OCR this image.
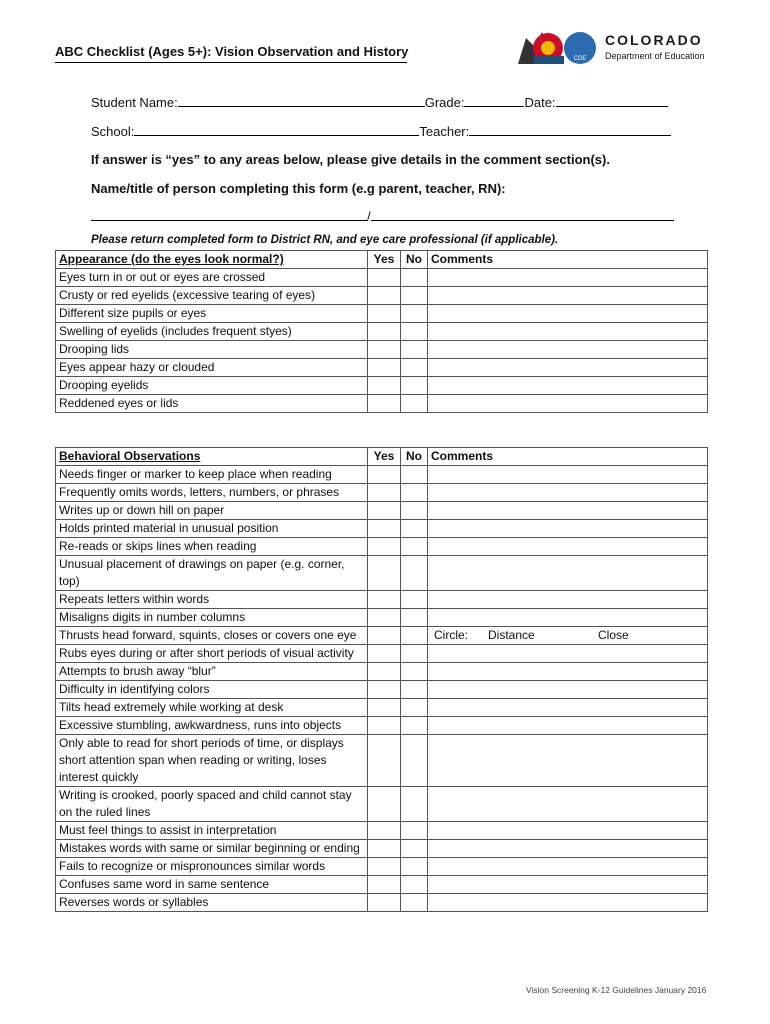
ABC Checklist (Ages 5+): Vision Observation and History	CDE
COLORADO
Department of Education
Student Name:	Grade:	Date:
School:	Teacher:
If answer is “yes” to any areas below, please give details in the comment section(s).
Name/title of person completing this form (e.g parent, teacher, RN):
/
Please return completed form to District RN, and eye care professional (if applicable).
Appearance (do the eyes look normal?)	Yes	No	Comments
Eyes turn in or out or eyes are crossed			
Crusty or red eyelids (excessive tearing of eyes)			
Different size pupils or eyes			
Swelling of eyelids (includes frequent styes)			
Drooping lids			
Eyes appear hazy or clouded			
Drooping eyelids			
Reddened eyes or lids			
Behavioral Observations	Yes	No	Comments
Needs finger or marker to keep place when reading			
Frequently omits words, letters, numbers, or phrases			
Writes up or down hill on paper			
Holds printed material in unusual position			
Re-reads or skips lines when reading			
Unusual placement of drawings on paper (e.g. corner, top)			
Repeats letters within words			
Misaligns digits in number columns			
Thrusts head forward, squints, closes or covers one eye			Circle: Distance Close

Rubs eyes during or after short periods of visual activity			
Attempts to brush away “blur”			
Difficulty in identifying colors			
Tilts head extremely while working at desk			
Excessive stumbling, awkwardness, runs into objects			
Only able to read for short periods of time, or displays short attention span when reading or writing, loses interest quickly			
Writing is crooked, poorly spaced and child cannot stay on the ruled lines			
Must feel things to assist in interpretation			
Mistakes words with same or similar beginning or ending			
Fails to recognize or mispronounces similar words			
Confuses same word in same sentence			
Reverses words or syllables			
Vision Screening K-12 Guidelines January 2016
